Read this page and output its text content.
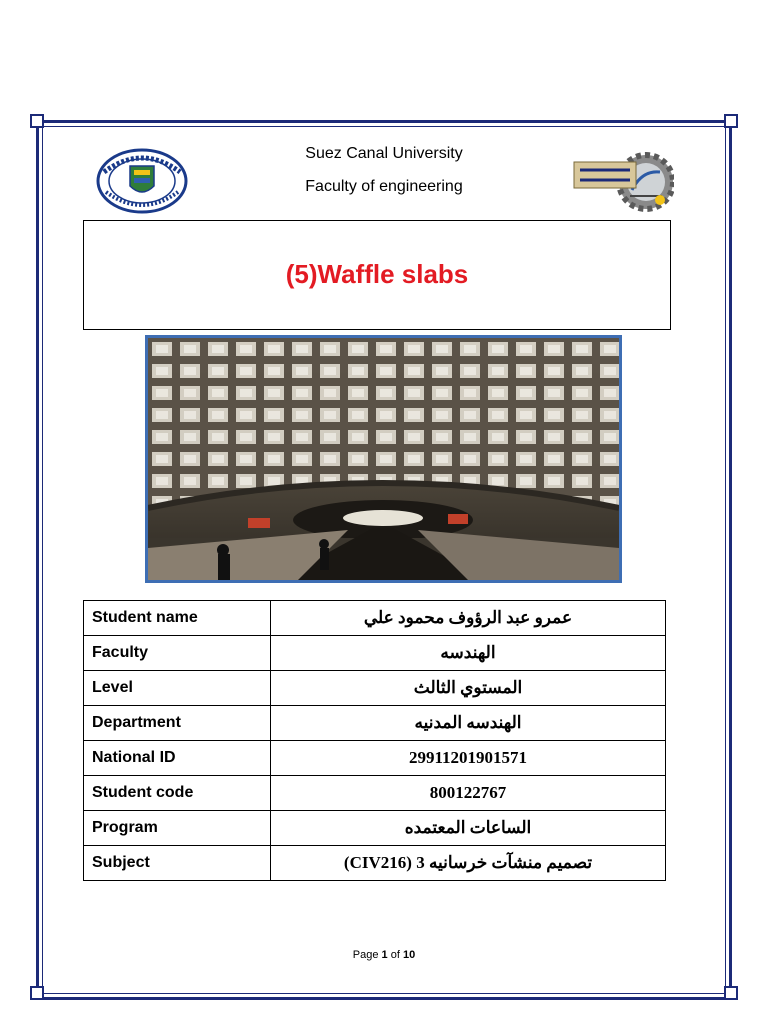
Suez Canal University
Faculty of engineering
(5)Waffle slabs
Student name	عمرو عبد الرؤوف محمود علي
Faculty	الهندسه
Level	المستوي الثالث
Department	الهندسه المدنيه
National ID	29911201901571
Student code	800122767
Program	الساعات المعتمده
Subject	تصميم منشآت خرسانيه 3 (CIV216)
Page 1 of 10
